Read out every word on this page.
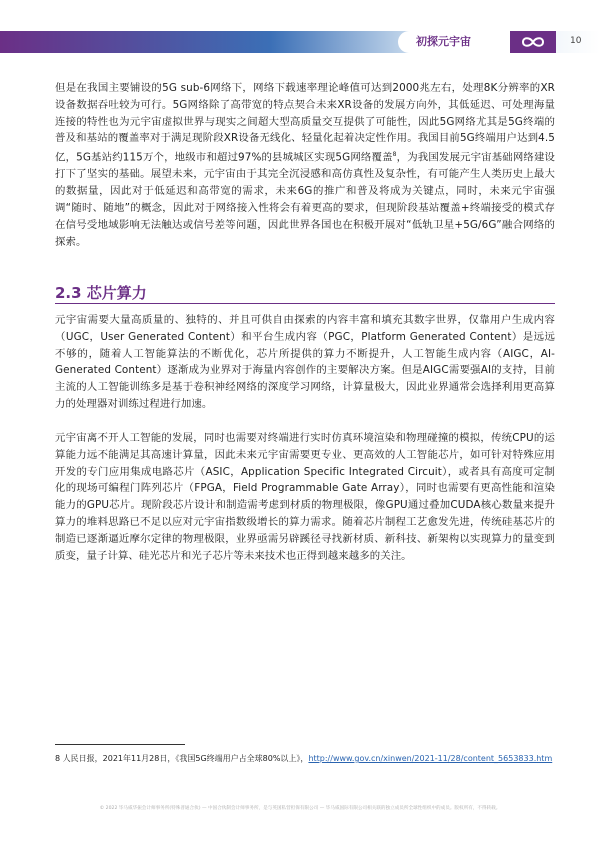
初探元宇宙	10
但是在我国主要铺设的5G sub-6网络下，网络下载速率理论峰值可达到2000兆左右，处理8K分辨率的XR设备数据吞吐较为可行。5G网络除了高带宽的特点契合未来XR设备的发展方向外，其低延迟、可处理海量连接的特性也为元宇宙虚拟世界与现实之间超大型高质量交互提供了可能性，因此5G网络尤其是5G终端的普及和基站的覆盖率对于满足现阶段XR设备无线化、轻量化起着决定性作用。我国目前5G终端用户达到4.5亿，5G基站约115万个，地级市和超过97%的县城城区实现5G网络覆盖$^8$，为我国发展元宇宙基础网络建设打下了坚实的基础。展望未来，元宇宙由于其完全沉浸感和高仿真性及复杂性，有可能产生人类历史上最大的数据量，因此对于低延迟和高带宽的需求，未来6G的推广和普及将成为关键点，同时，未来元宇宙强调“随时、随地”的概念，因此对于网络接入性将会有着更高的要求，但现阶段基站覆盖+终端接受的模式存在信号受地域影响无法触达或信号差等问题，因此世界各国也在积极开展对“低轨卫星+5G/6G”融合网络的探索。
2.3 芯片算力
元宇宙需要大量高质量的、独特的、并且可供自由探索的内容丰富和填充其数字世界，仅靠用户生成内容（UGC，User Generated Content）和平台生成内容（PGC，Platform Generated Content）是远远不够的，随着人工智能算法的不断优化，芯片所提供的算力不断提升，人工智能生成内容（AIGC，AI-Generated Content）逐渐成为业界对于海量内容创作的主要解决方案。但是AIGC需要强AI的支持，目前主流的人工智能训练多是基于卷积神经网络的深度学习网络，计算量极大，因此业界通常会选择利用更高算力的处理器对训练过程进行加速。
元宇宙离不开人工智能的发展，同时也需要对终端进行实时仿真环境渲染和物理碰撞的模拟，传统CPU的运算能力远不能满足其高速计算量，因此未来元宇宙需要更专业、更高效的人工智能芯片，如可针对特殊应用开发的专门应用集成电路芯片（ASIC，Application Specific Integrated Circuit），或者具有高度可定制化的现场可编程门阵列芯片（FPGA，Field Programmable Gate Array），同时也需要有更高性能和渲染能力的GPU芯片。现阶段芯片设计和制造需考虑到材质的物理极限，像GPU通过叠加CUDA核心数量来提升算力的堆料思路已不足以应对元宇宙指数级增长的算力需求。随着芯片制程工艺愈发先进，传统硅基芯片的制造已逐渐逼近摩尔定律的物理极限，业界亟需另辟蹊径寻找新材质、新科技、新架构以实现算力的量变到质变，量子计算、硅光芯片和光子芯片等未来技术也正得到越来越多的关注。
8 人民日报，2021年11月28日，《我国5G终端用户占全球80%以上》，http://www.gov.cn/xinwen/2021-11/28/content_5653833.htm
© 2022 毕马威华振会计师事务所(特殊普通合伙) — 中国合伙制会计师事务所，是与英国私营担保有限公司 — 毕马威国际有限公司相关联的独立成员所全球性组织中的成员。版权所有，不得转载。
